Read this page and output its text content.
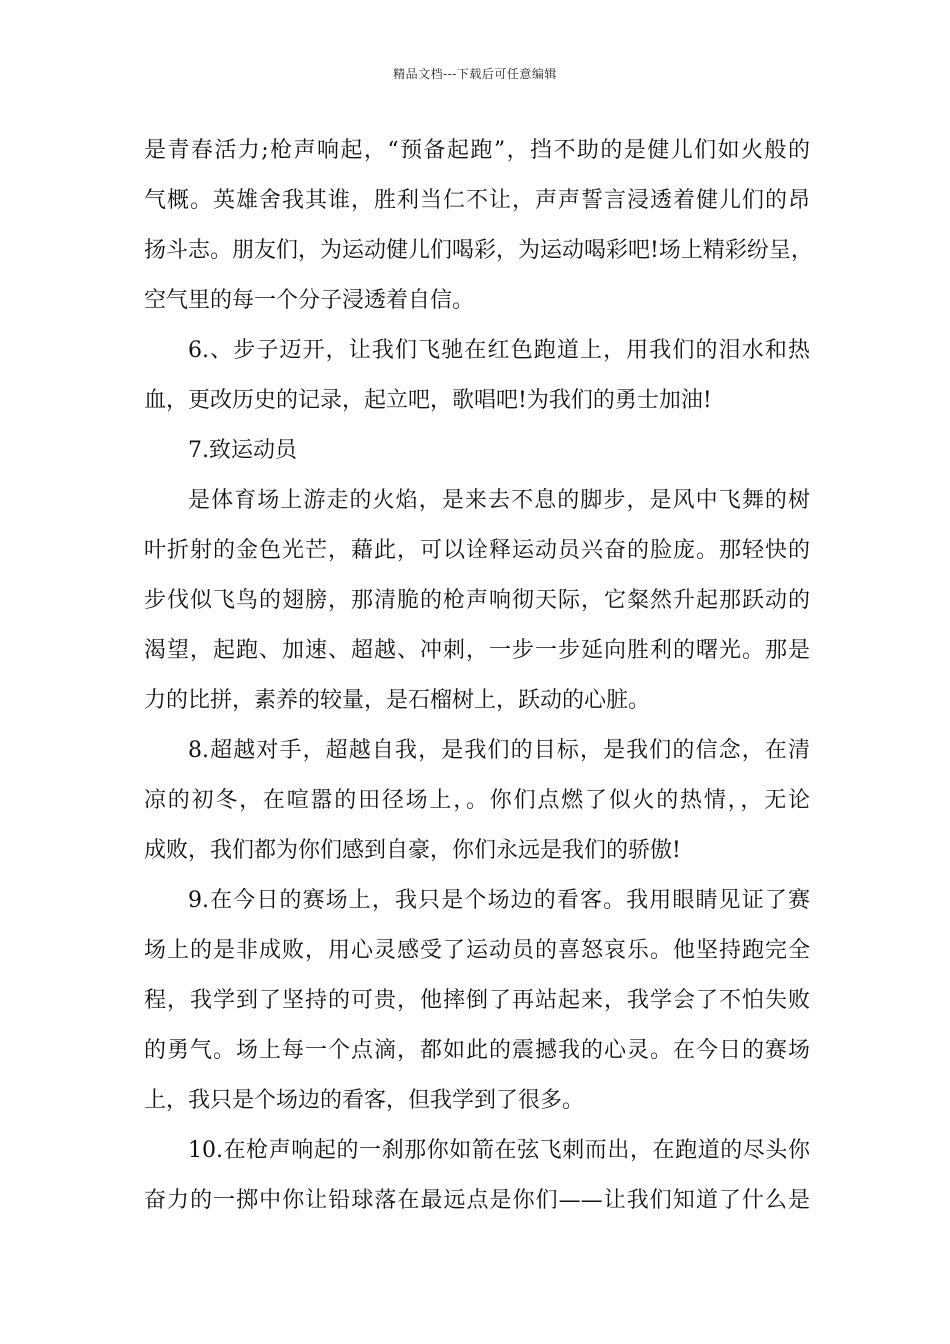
精品文档---下载后可任意编辑
是青春活力;枪声响起，“预备起跑”，挡不助的是健儿们如火般的
气概。英雄舍我其谁，胜利当仁不让，声声誓言浸透着健儿们的昂
扬斗志。朋友们，为运动健儿们喝彩，为运动喝彩吧!场上精彩纷呈，
空气里的每一个分子浸透着自信。
6.、步子迈开，让我们飞驰在红色跑道上，用我们的泪水和热
血，更改历史的记录，起立吧，歌唱吧!为我们的勇士加油!
7.致运动员
是体育场上游走的火焰，是来去不息的脚步，是风中飞舞的树
叶折射的金色光芒，藉此，可以诠释运动员兴奋的脸庞。那轻快的
步伐似飞鸟的翅膀，那清脆的枪声响彻天际，它粲然升起那跃动的
渴望，起跑、加速、超越、冲刺，一步一步延向胜利的曙光。那是
力的比拼，素养的较量，是石榴树上，跃动的心脏。
8.超越对手，超越自我，是我们的目标，是我们的信念，在清
凉的初冬，在喧嚣的田径场上，。你们点燃了似火的热情，，无论
成败，我们都为你们感到自豪，你们永远是我们的骄傲!
9.在今日的赛场上，我只是个场边的看客。我用眼睛见证了赛
场上的是非成败，用心灵感受了运动员的喜怒哀乐。他坚持跑完全
程，我学到了坚持的可贵，他摔倒了再站起来，我学会了不怕失败
的勇气。场上每一个点滴，都如此的震撼我的心灵。在今日的赛场
上，我只是个场边的看客，但我学到了很多。
10.在枪声响起的一刹那你如箭在弦飞刺而出，在跑道的尽头你
奋力的一掷中你让铅球落在最远点是你们——让我们知道了什么是
